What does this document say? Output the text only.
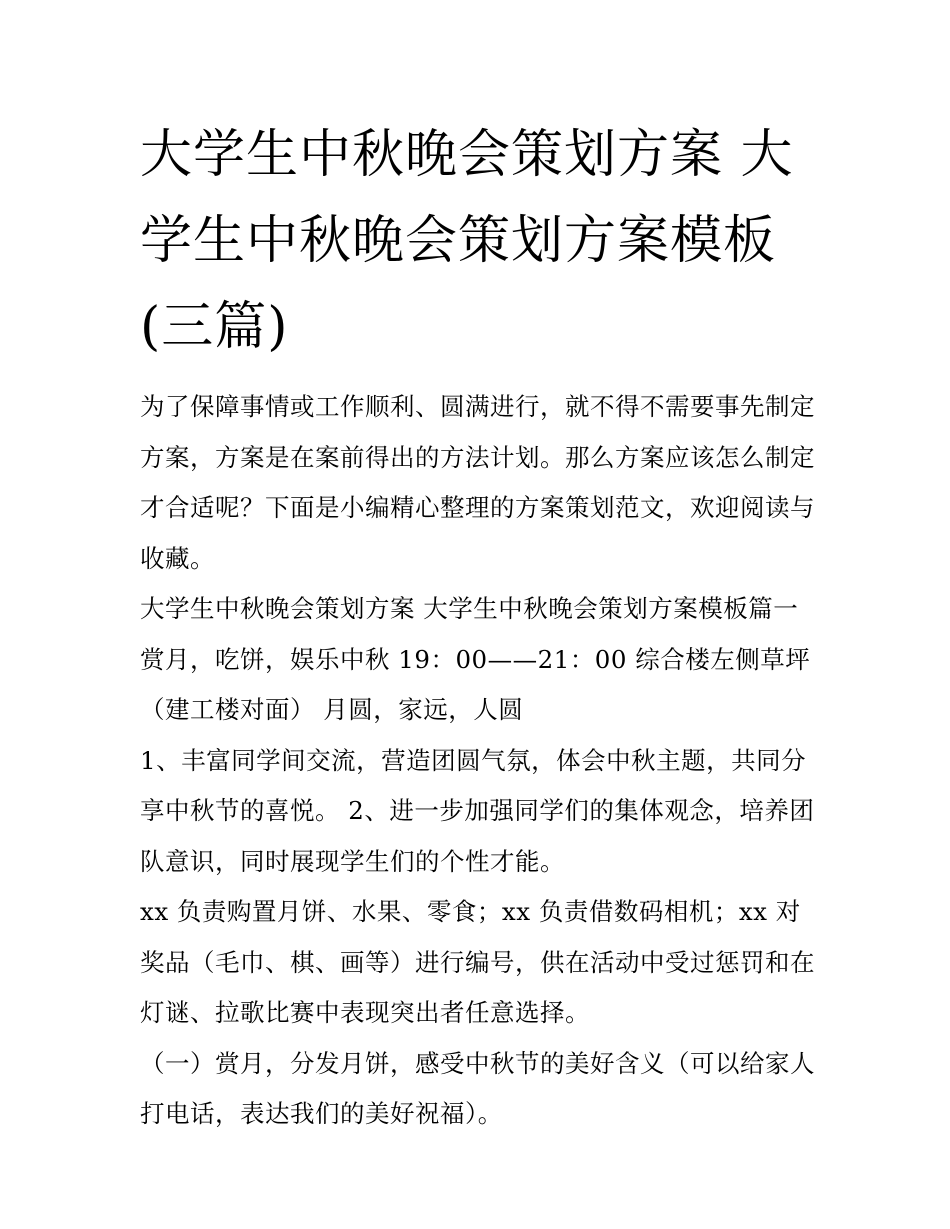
大学生中秋晚会策划方案 大学生中秋晚会策划方案模板(三篇)

为了保障事情或工作顺利、圆满进行，就不得不需要事先制定方案，方案是在案前得出的方法计划。那么方案应该怎么制定才合适呢？下面是小编精心整理的方案策划范文，欢迎阅读与收藏。

大学生中秋晚会策划方案 大学生中秋晚会策划方案模板篇一

赏月，吃饼，娱乐中秋 19：00——21：00 综合楼左侧草坪（建工楼对面） 月圆，家远，人圆

1、丰富同学间交流，营造团圆气氛，体会中秋主题，共同分享中秋节的喜悦。 2、进一步加强同学们的集体观念，培养团队意识，同时展现学生们的个性才能。

xx 负责购置月饼、水果、零食；xx 负责借数码相机；xx 对奖品（毛巾、棋、画等）进行编号，供在活动中受过惩罚和在灯谜、拉歌比赛中表现突出者任意选择。

（一）赏月，分发月饼，感受中秋节的美好含义（可以给家人打电话，表达我们的美好祝福）。
